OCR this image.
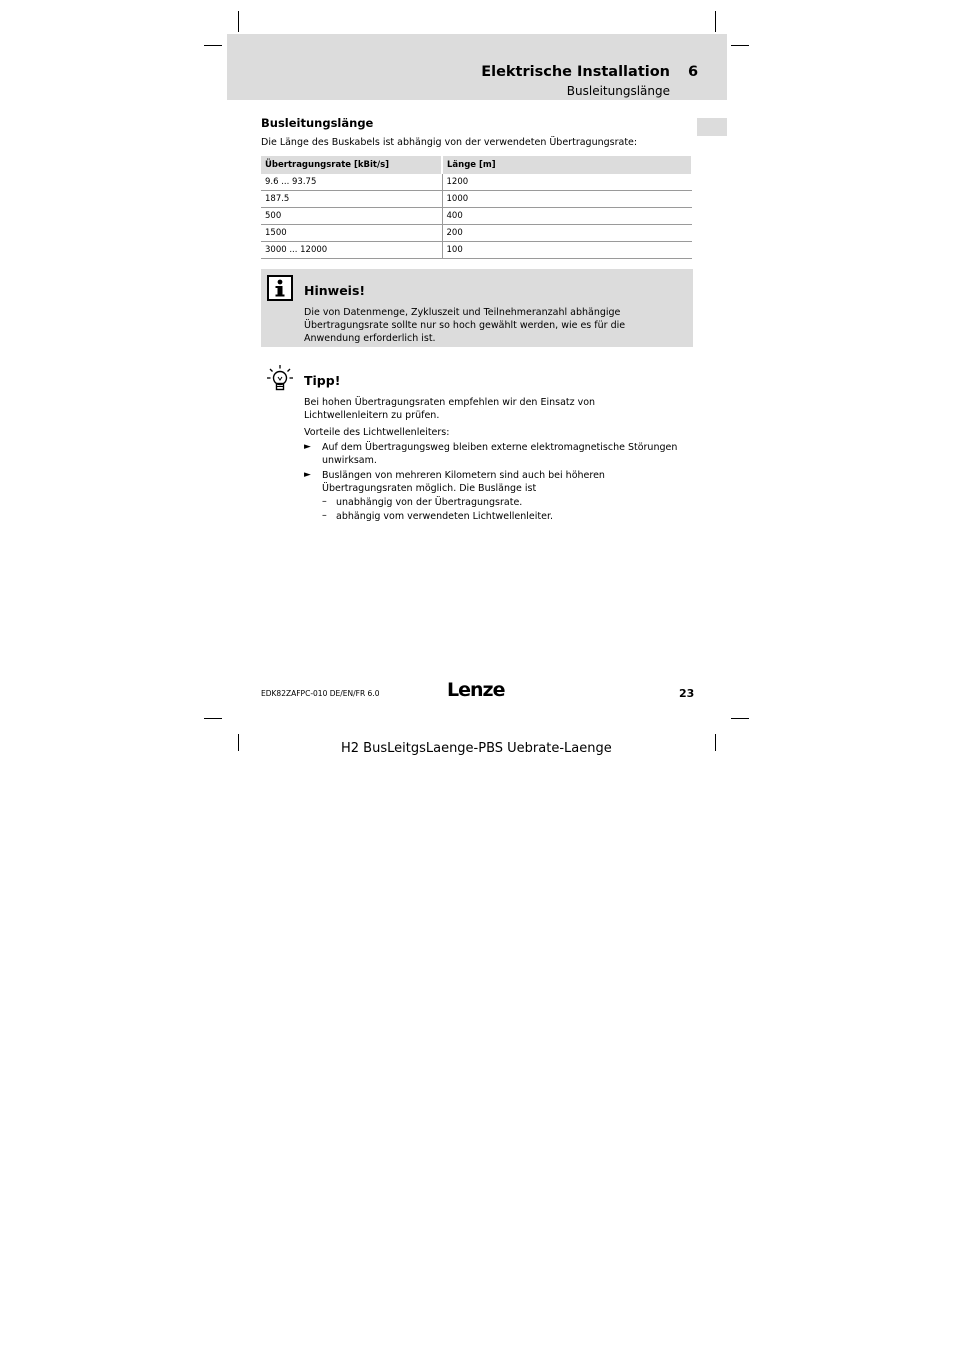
Elektrische Installation 6
Busleitungslänge
Busleitungslänge
Die Länge des Buskabels ist abhängig von der verwendeten Übertragungsrate:
Übertragungsrate [kBit/s]	Länge [m]
9.6 ... 93.75	1200
187.5	1000
500	400
1500	200
3000 ... 12000	100
Hinweis!
Die von Datenmenge, Zykluszeit und Teilnehmeranzahl abhängige
Übertragungsrate sollte nur so hoch gewählt werden, wie es für die
Anwendung erforderlich ist.
Tipp!
Bei hohen Übertragungsraten empfehlen wir den Einsatz von
Lichtwellenleitern zu prüfen.
Vorteile des Lichtwellenleiters:
► Auf dem Übertragungsweg bleiben externe elektromagnetische Störungen
unwirksam.
► Buslängen von mehreren Kilometern sind auch bei höheren
Übertragungsraten möglich. Die Buslänge ist
– unabhängig von der Übertragungsrate.
– abhängig vom verwendeten Lichtwellenleiter.
EDK82ZAFPC-010 DE/EN/FR 6.0	Lenze	23
H2 BusLeitgsLaenge-PBS Uebrate-Laenge
